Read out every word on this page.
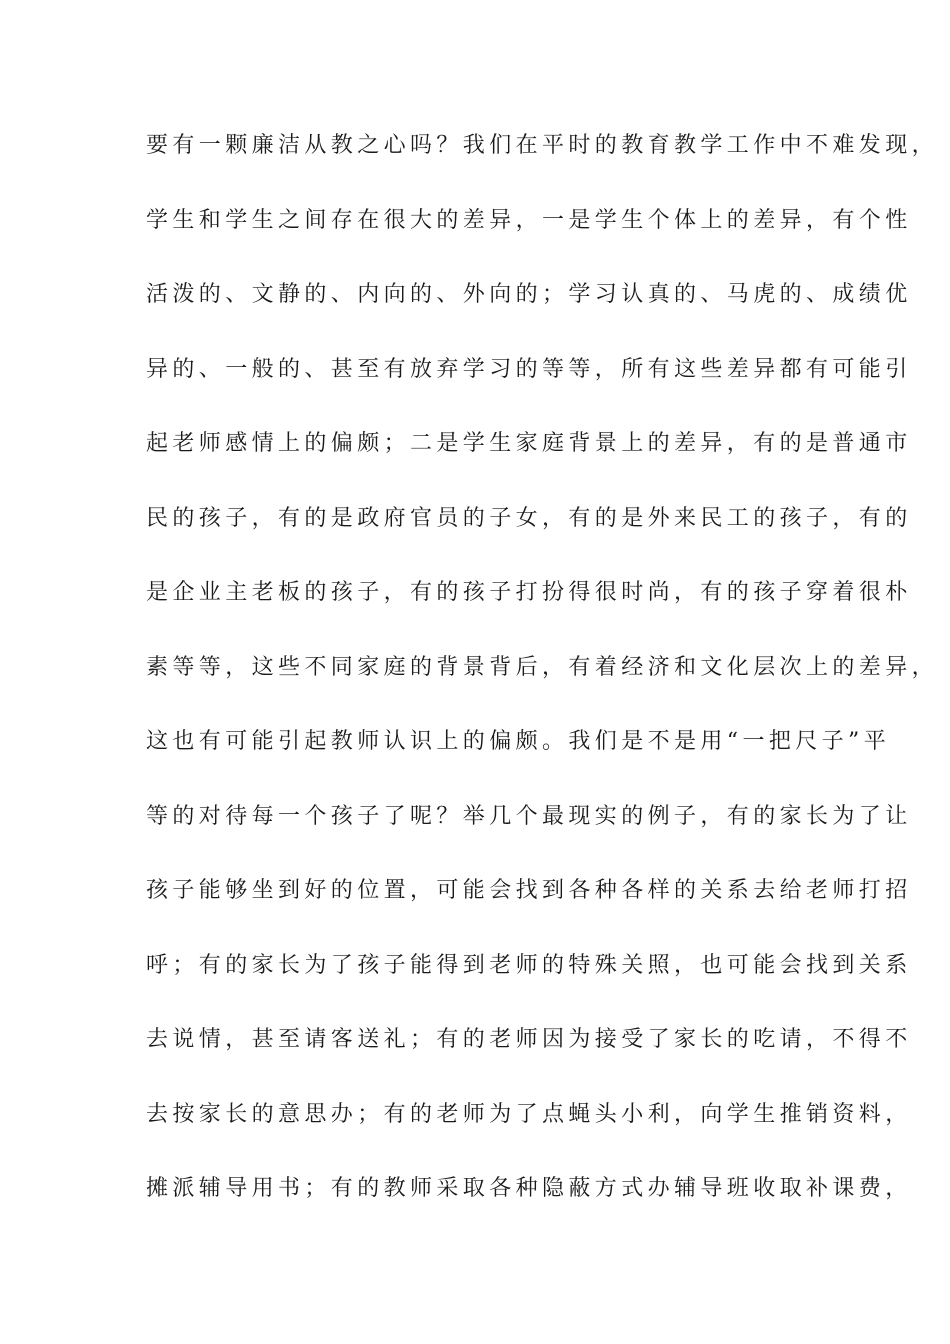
要有一颗廉洁从教之心吗？我们在平时的教育教学工作中不难发现，
学生和学生之间存在很大的差异，一是学生个体上的差异，有个性
活泼的、文静的、内向的、外向的；学习认真的、马虎的、成绩优
异的、一般的、甚至有放弃学习的等等，所有这些差异都有可能引
起老师感情上的偏颇；二是学生家庭背景上的差异，有的是普通市
民的孩子，有的是政府官员的子女，有的是外来民工的孩子，有的
是企业主老板的孩子，有的孩子打扮得很时尚，有的孩子穿着很朴
素等等，这些不同家庭的背景背后，有着经济和文化层次上的差异，
这也有可能引起教师认识上的偏颇。我们是不是用“一把尺子”平
等的对待每一个孩子了呢？举几个最现实的例子，有的家长为了让
孩子能够坐到好的位置，可能会找到各种各样的关系去给老师打招
呼；有的家长为了孩子能得到老师的特殊关照，也可能会找到关系
去说情，甚至请客送礼；有的老师因为接受了家长的吃请，不得不
去按家长的意思办；有的老师为了点蝇头小利，向学生推销资料，
摊派辅导用书；有的教师采取各种隐蔽方式办辅导班收取补课费，
